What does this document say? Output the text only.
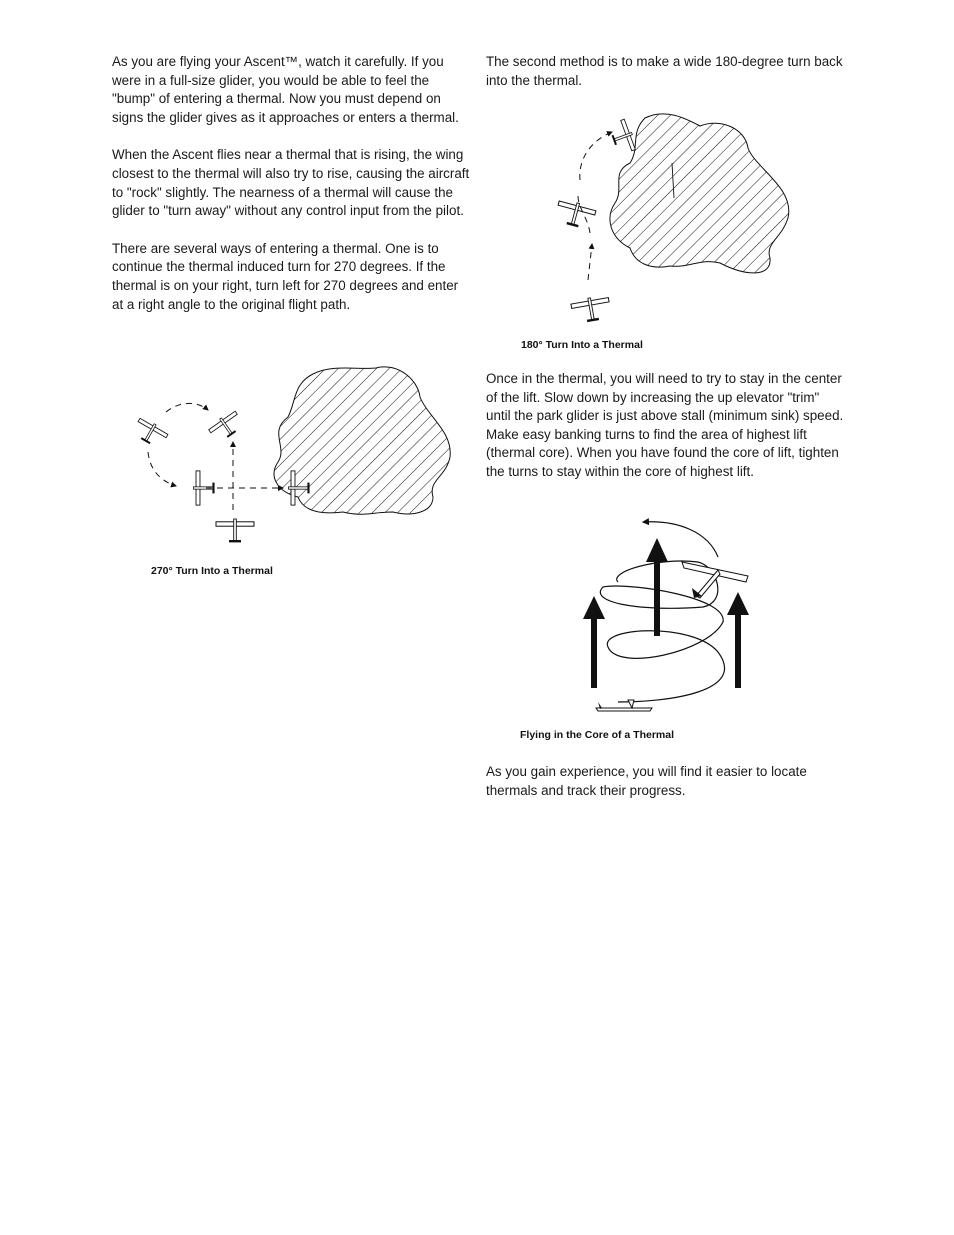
As you are flying your Ascent™, watch it carefully. If you were in a full-size glider, you would be able to feel the "bump" of entering a thermal. Now you must depend on signs the glider gives as it approaches or enters a thermal.

When the Ascent flies near a thermal that is rising, the wing closest to the thermal will also try to rise, causing the aircraft to "rock" slightly. The nearness of a thermal will cause the glider to "turn away" without any control input from the pilot.

There are several ways of entering a thermal. One is to continue the thermal induced turn for 270 degrees. If the thermal is on your right, turn left for 270 degrees and enter at a right angle to the original flight path.

The second method is to make a wide 180-degree turn back into the thermal.

Once in the thermal, you will need to try to stay in the center of the lift. Slow down by increasing the up elevator "trim" until the park glider is just above stall (minimum sink) speed. Make easy banking turns to find the area of highest lift (thermal core). When you have found the core of lift, tighten the turns to stay within the core of highest lift.

As you gain experience, you will find it easier to locate thermals and track their progress.

180° Turn Into a Thermal
270° Turn Into a Thermal
Flying in the Core of a Thermal
